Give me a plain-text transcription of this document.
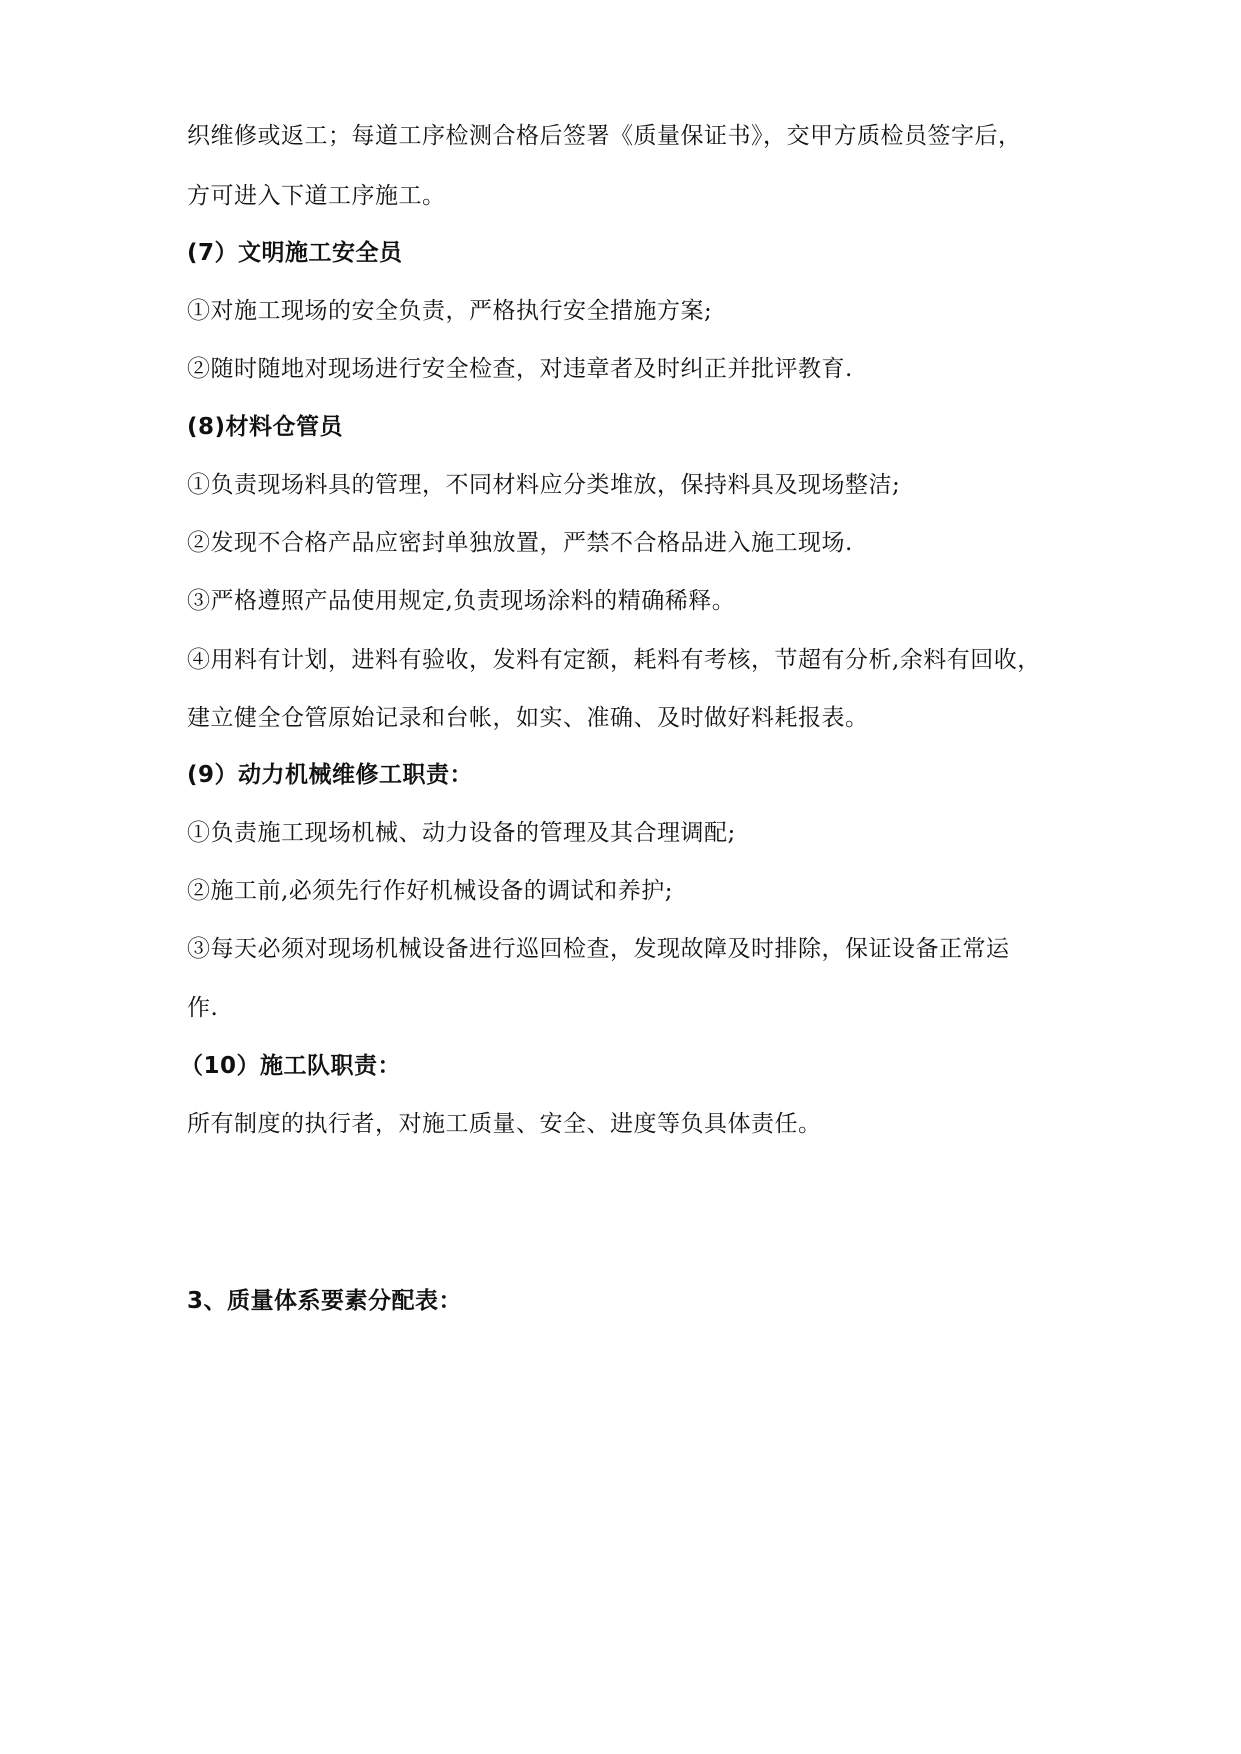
织维修或返工；每道工序检测合格后签署《质量保证书》，交甲方质检员签字后，
方可进入下道工序施工。
(7）文明施工安全员
①对施工现场的安全负责，严格执行安全措施方案;
②随时随地对现场进行安全检查，对违章者及时纠正并批评教育.
(8)材料仓管员
①负责现场料具的管理，不同材料应分类堆放，保持料具及现场整洁;
②发现不合格产品应密封单独放置，严禁不合格品进入施工现场.
③严格遵照产品使用规定,负责现场涂料的精确稀释。
④用料有计划，进料有验收，发料有定额，耗料有考核，节超有分析,余料有回收，
建立健全仓管原始记录和台帐，如实、准确、及时做好料耗报表。
(9）动力机械维修工职责：
①负责施工现场机械、动力设备的管理及其合理调配;
②施工前,必须先行作好机械设备的调试和养护;
③每天必须对现场机械设备进行巡回检查，发现故障及时排除，保证设备正常运
作.
（10）施工队职责：
所有制度的执行者，对施工质量、安全、进度等负具体责任。
3、质量体系要素分配表：
